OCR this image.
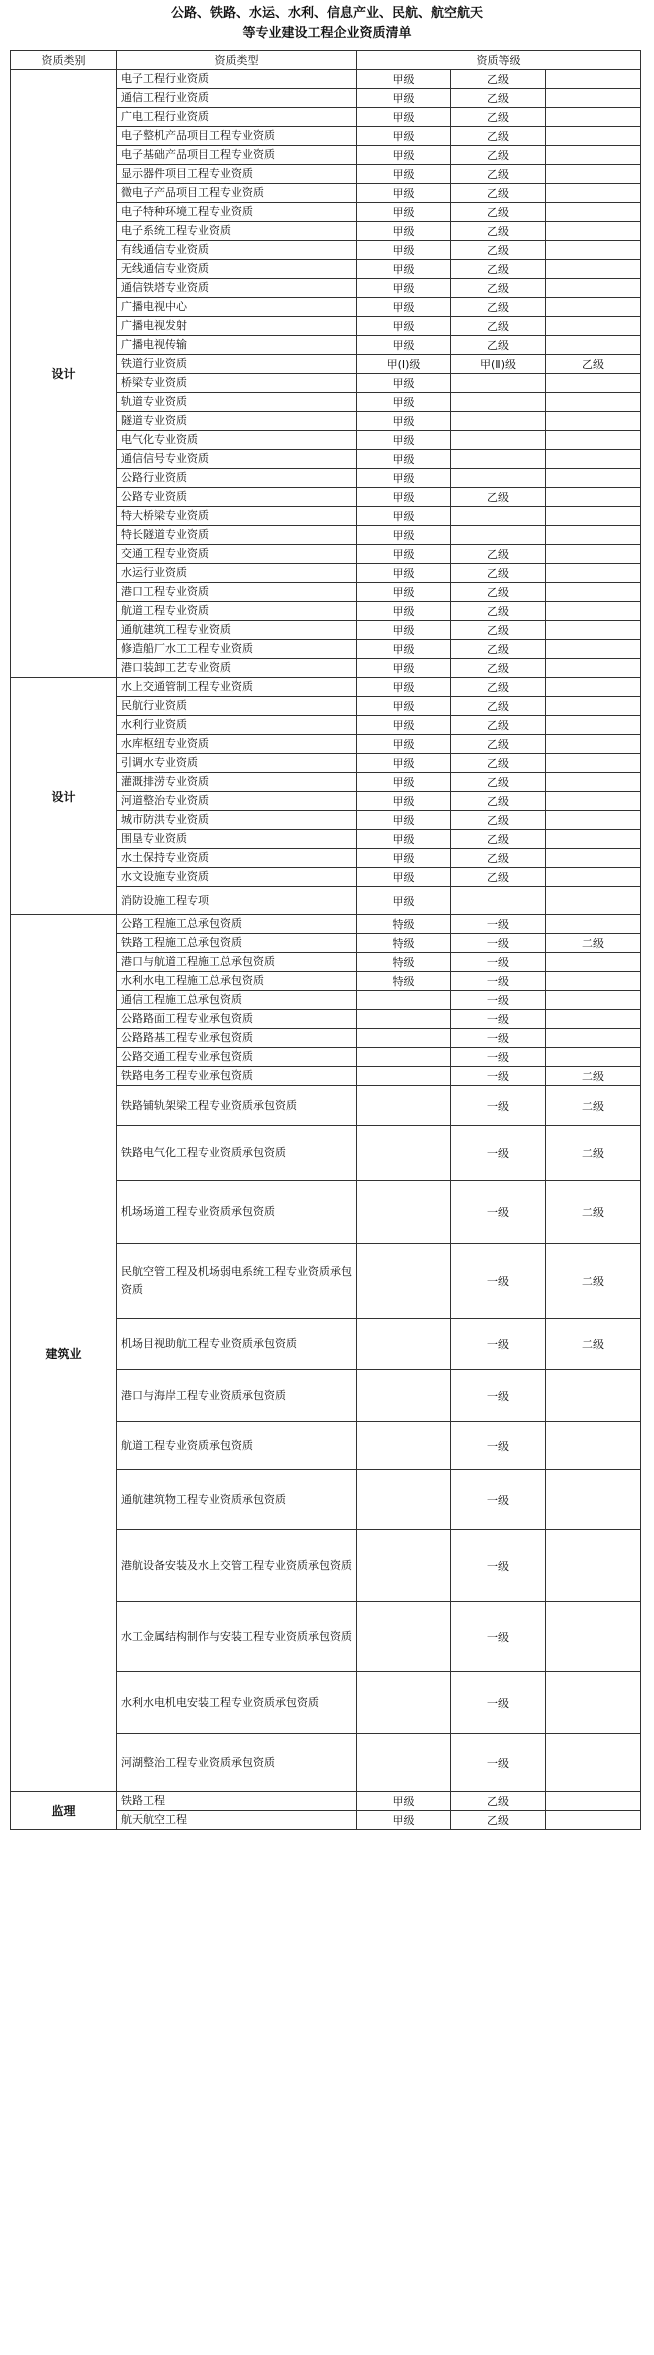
公路、铁路、水运、水利、信息产业、民航、航空航天
等专业建设工程企业资质清单
资质类别	资质类型	资质等级		
设计	电子工程行业资质	甲级	乙级	
	通信工程行业资质	甲级	乙级	
	广电工程行业资质	甲级	乙级	
	电子整机产品项目工程专业资质	甲级	乙级	
	电子基础产品项目工程专业资质	甲级	乙级	
	显示器件项目工程专业资质	甲级	乙级	
	微电子产品项目工程专业资质	甲级	乙级	
	电子特种环境工程专业资质	甲级	乙级	
	电子系统工程专业资质	甲级	乙级	
	有线通信专业资质	甲级	乙级	
	无线通信专业资质	甲级	乙级	
	通信铁塔专业资质	甲级	乙级	
	广播电视中心	甲级	乙级	
	广播电视发射	甲级	乙级	
	广播电视传输	甲级	乙级	
	铁道行业资质	甲(Ⅰ)级	甲(Ⅱ)级	乙级
	桥梁专业资质	甲级		
	轨道专业资质	甲级		
	隧道专业资质	甲级		
	电气化专业资质	甲级		
	通信信号专业资质	甲级		
	公路行业资质	甲级		
	公路专业资质	甲级	乙级	
	特大桥梁专业资质	甲级		
	特长隧道专业资质	甲级		
	交通工程专业资质	甲级	乙级	
	水运行业资质	甲级	乙级	
	港口工程专业资质	甲级	乙级	
	航道工程专业资质	甲级	乙级	
	通航建筑工程专业资质	甲级	乙级	
	修造船厂水工工程专业资质	甲级	乙级	
	港口装卸工艺专业资质	甲级	乙级	
设计	水上交通管制工程专业资质	甲级	乙级	
	民航行业资质	甲级	乙级	
	水利行业资质	甲级	乙级	
	水库枢纽专业资质	甲级	乙级	
	引调水专业资质	甲级	乙级	
	灌溉排涝专业资质	甲级	乙级	
	河道整治专业资质	甲级	乙级	
	城市防洪专业资质	甲级	乙级	
	围垦专业资质	甲级	乙级	
	水土保持专业资质	甲级	乙级	
	水文设施专业资质	甲级	乙级	
	消防设施工程专项	甲级		
建筑业	公路工程施工总承包资质	特级	一级	
	铁路工程施工总承包资质	特级	一级	二级
	港口与航道工程施工总承包资质	特级	一级	
	水利水电工程施工总承包资质	特级	一级	
	通信工程施工总承包资质		一级	
	公路路面工程专业承包资质		一级	
	公路路基工程专业承包资质		一级	
	公路交通工程专业承包资质		一级	
	铁路电务工程专业承包资质		一级	二级
	铁路铺轨架梁工程专业资质承包资质		一级	二级
	铁路电气化工程专业资质承包资质		一级	二级
	机场场道工程专业资质承包资质		一级	二级
	民航空管工程及机场弱电系统工程专业资质承包资质		一级	二级
	机场目视助航工程专业资质承包资质		一级	二级
	港口与海岸工程专业资质承包资质		一级	
	航道工程专业资质承包资质		一级	
	通航建筑物工程专业资质承包资质		一级	
	港航设备安装及水上交管工程专业资质承包资质		一级	
	水工金属结构制作与安装工程专业资质承包资质		一级	
	水利水电机电安装工程专业资质承包资质		一级	
	河湖整治工程专业资质承包资质		一级	
监理	铁路工程	甲级	乙级	
	航天航空工程	甲级	乙级	
